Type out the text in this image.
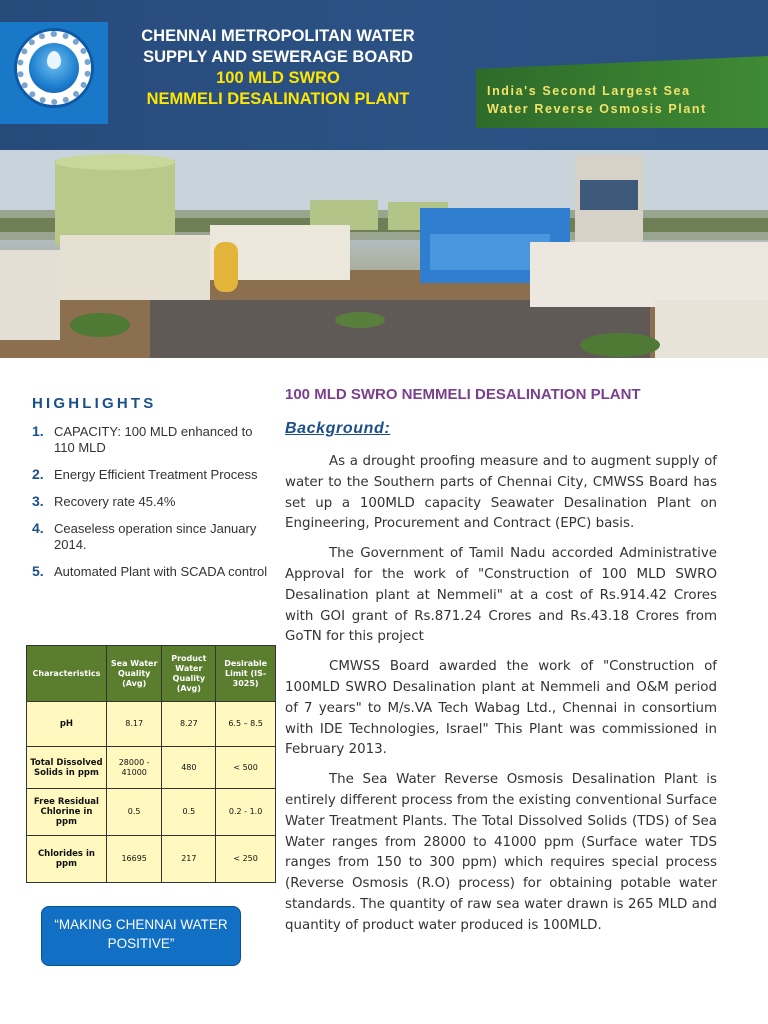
CHENNAI METROPOLITAN WATER
SUPPLY AND SEWERAGE BOARD
100 MLD SWRO
NEMMELI DESALINATION PLANT	India's Second Largest Sea
Water Reverse Osmosis Plant
HIGHLIGHTS
1. CAPACITY: 100 MLD enhanced to 110 MLD
2. Energy Efficient Treatment Process
3. Recovery rate 45.4%
4. Ceaseless operation since January 2014.
5. Automated Plant with SCADA control
Characteristics	Sea Water Quality (Avg)	Product Water Quality (Avg)	Desirable Limit (IS-3025)
pH	8.17	8.27	6.5 – 8.5
Total Dissolved Solids in ppm	28000 - 41000	480	< 500
Free Residual Chlorine in ppm	0.5	0.5	0.2 - 1.0
Chlorides in ppm	16695	217	< 250
“MAKING CHENNAI WATER
POSITIVE”
100 MLD SWRO NEMMELI DESALINATION PLANT
Background:

As a drought proofing measure and to augment supply of water to the Southern parts of Chennai City, CMWSS Board has set up a 100MLD capacity Seawater Desalination Plant on Engineering, Procurement and Contract (EPC) basis.

The Government of Tamil Nadu accorded Administrative Approval for the work of "Construction of 100 MLD SWRO Desalination plant at Nemmeli" at a cost of Rs.914.42 Crores with GOI grant of Rs.871.24 Crores and Rs.43.18 Crores from GoTN for this project

CMWSS Board awarded the work of "Construction of 100MLD SWRO Desalination plant at Nemmeli and O&M period of 7 years" to M/s.VA Tech Wabag Ltd., Chennai in consortium with IDE Technologies, Israel" This Plant was commissioned in February 2013.

The Sea Water Reverse Osmosis Desalination Plant is entirely different process from the existing conventional Surface Water Treatment Plants. The Total Dissolved Solids (TDS) of Sea Water ranges from 28000 to 41000 ppm (Surface water TDS ranges from 150 to 300 ppm) which requires special process (Reverse Osmosis (R.O) process) for obtaining potable water standards. The quantity of raw sea water drawn is 265 MLD and quantity of product water produced is 100MLD.
